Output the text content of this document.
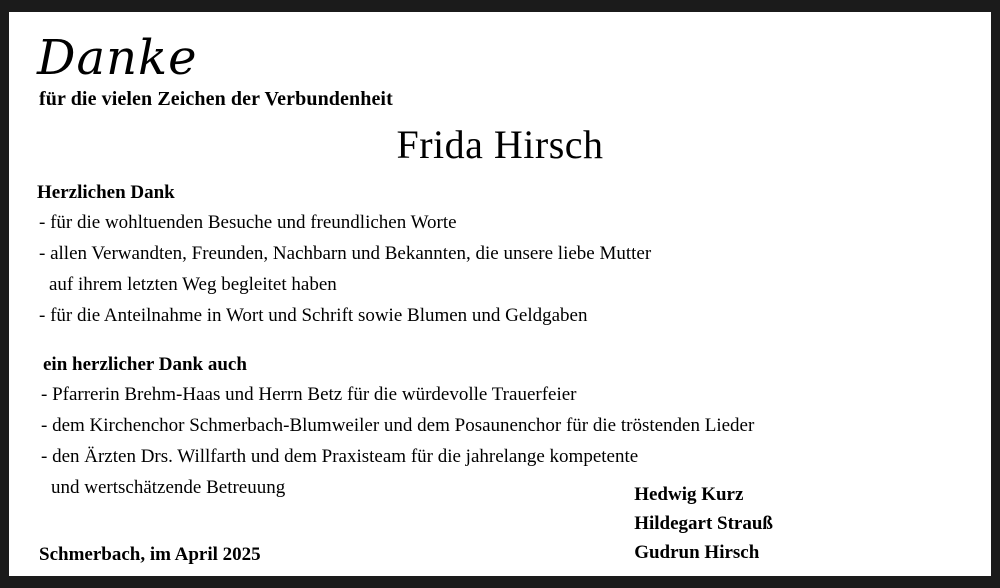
Danke
für die vielen Zeichen der Verbundenheit
Frida Hirsch
Herzlichen Dank
- für die wohltuenden Besuche und freundlichen Worte
- allen Verwandten, Freunden, Nachbarn und Bekannten, die unsere liebe Mutter
auf ihrem letzten Weg begleitet haben
- für die Anteilnahme in Wort und Schrift sowie Blumen und Geldgaben
ein herzlicher Dank auch
- Pfarrerin Brehm-Haas und Herrn Betz für die würdevolle Trauerfeier
- dem Kirchenchor Schmerbach-Blumweiler und dem Posaunenchor für die tröstenden Lieder
- den Ärzten Drs. Willfarth und dem Praxisteam für die jahrelange kompetente
und wertschätzende Betreuung	Hedwig Kurz
Hildegart Strauß
Gudrun Hirsch
Schmerbach, im April 2025
